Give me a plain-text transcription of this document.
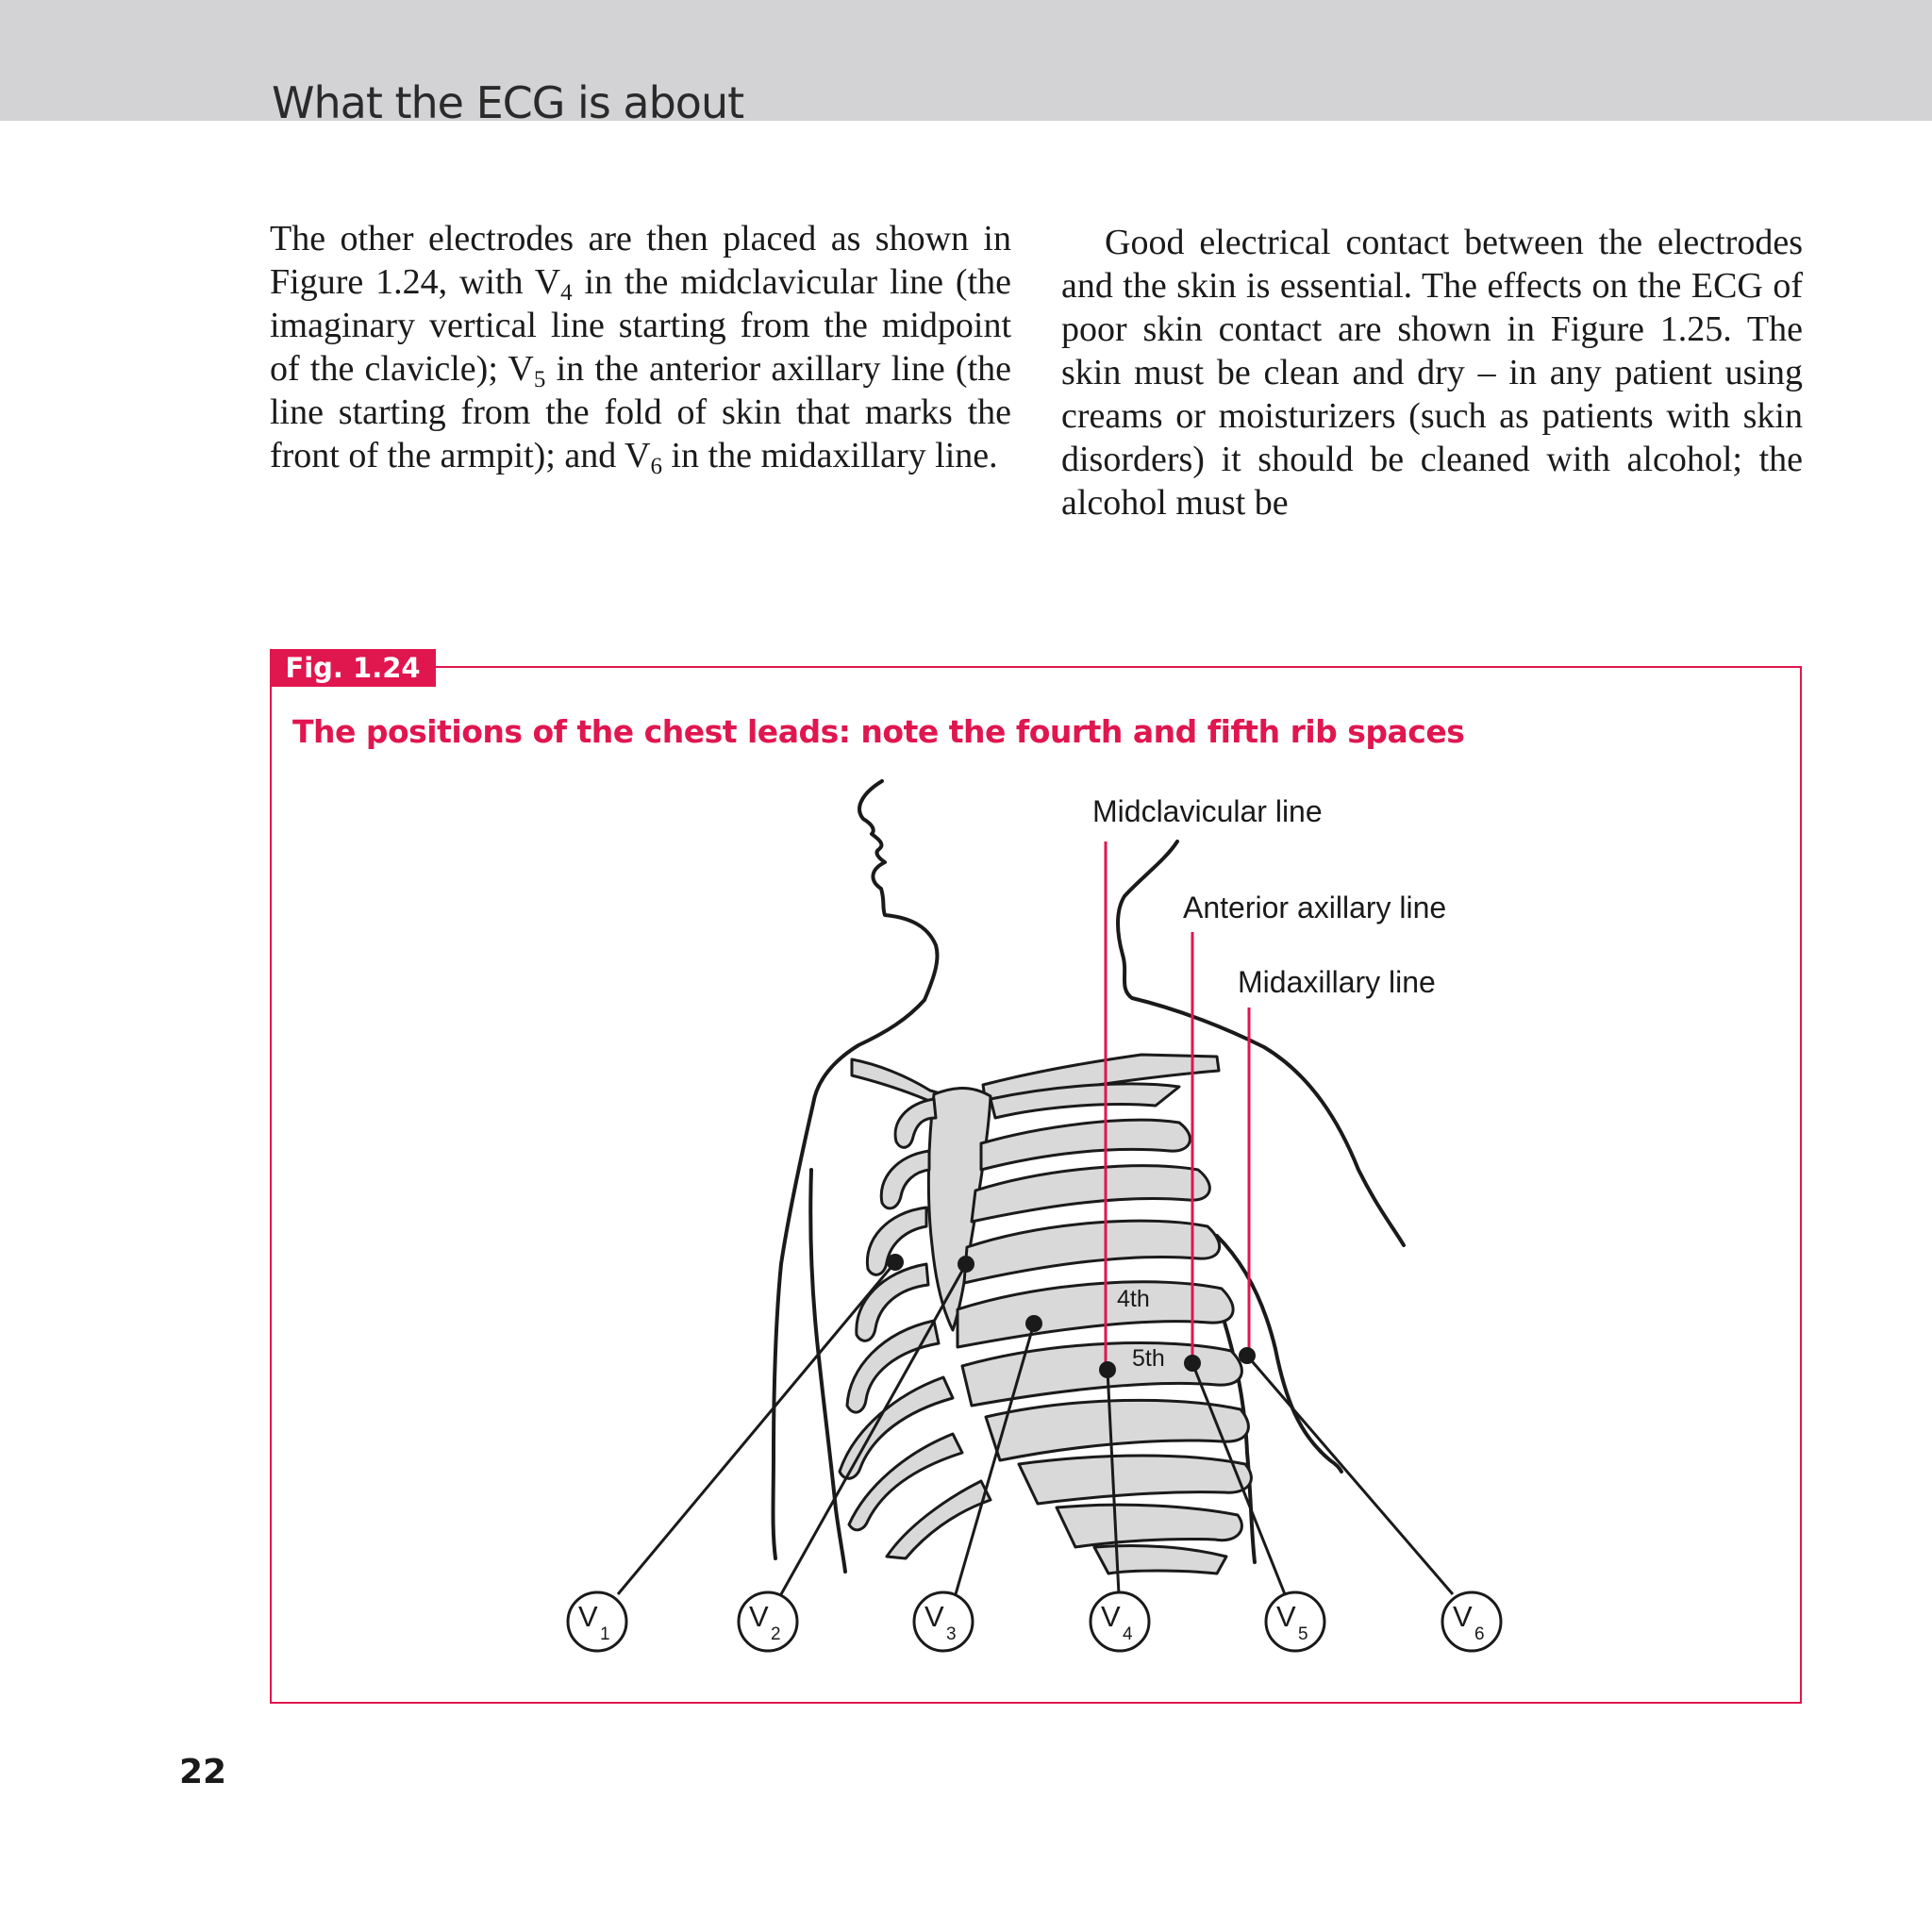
What the ECG is about

The other electrodes are then placed as shown in Figure 1.24, with $V_4$ in the midclavicular line (the imaginary vertical line starting from the midpoint of the clavicle); $V_5$ in the anterior axillary line (the line starting from the fold of skin that marks the front of the armpit); and $V_6$ in the midaxillary line.

Good electrical contact between the electrodes and the skin is essential. The effects on the ECG of poor skin contact are shown in Figure 1.25. The skin must be clean and dry – in any patient using creams or moisturizers (such as patients with skin disorders) it should be cleaned with alcohol; the alcohol must be

Fig. 1.24
The positions of the chest leads: note the fourth and fifth rib spaces
Midclavicular line
Anterior axillary line
Midaxillary line
4th
5th
V
1
V
2
V
3
V
4
V
5
V
6
22
